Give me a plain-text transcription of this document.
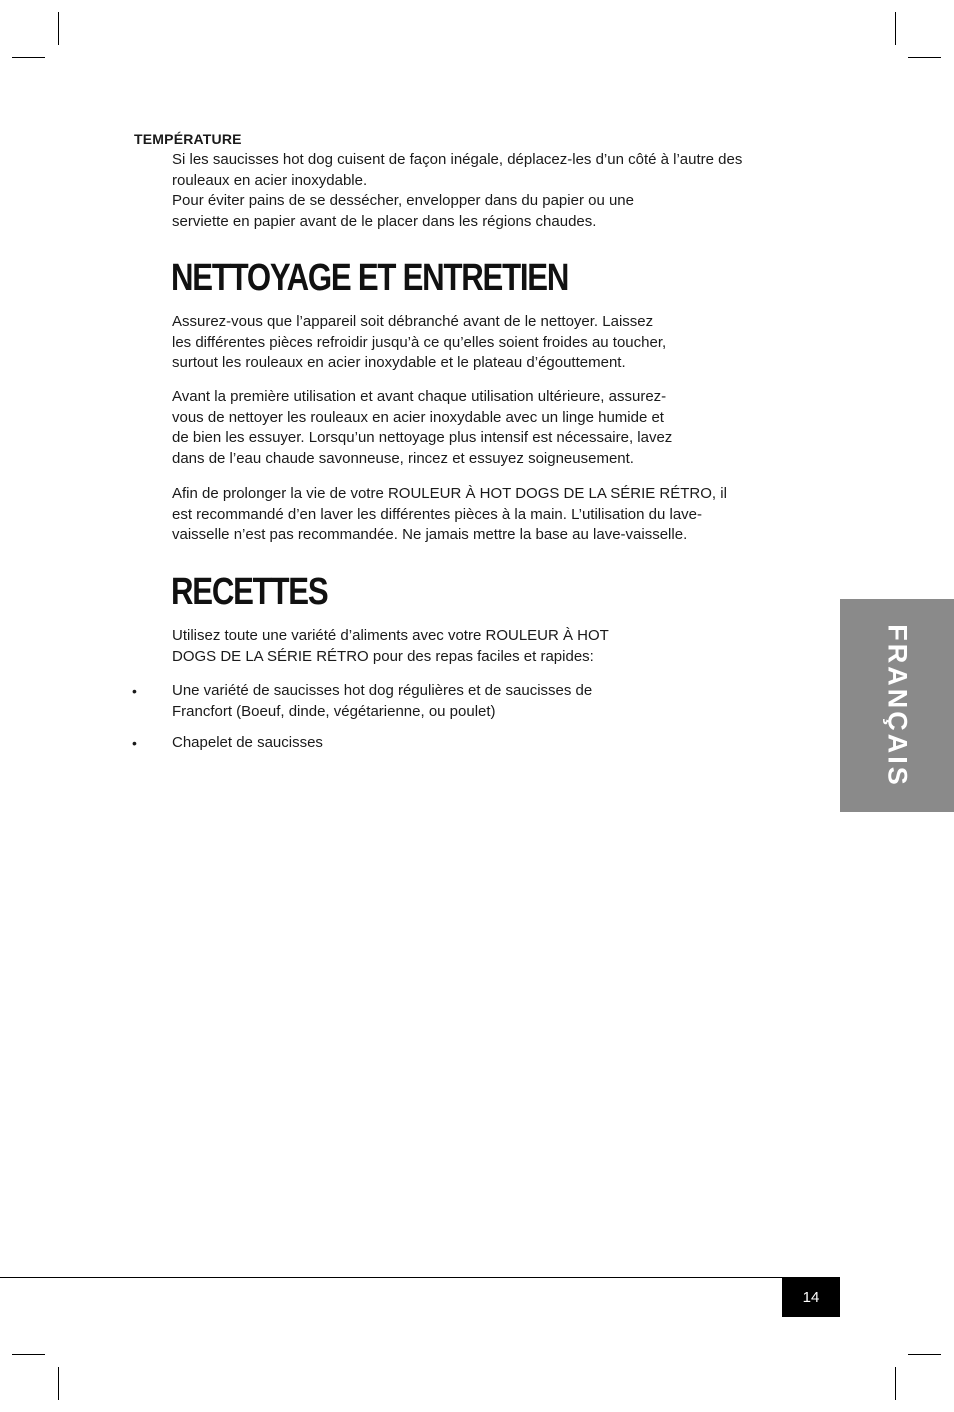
TEMPÉRATURE
Si les saucisses hot dog cuisent de façon inégale, déplacez-les d’un côté à l’autre des
rouleaux en acier inoxydable.
Pour éviter pains de se dessécher, envelopper dans du papier ou une
serviette en papier avant de le placer dans les régions chaudes.
NETTOYAGE ET ENTRETIEN
Assurez-vous que l’appareil soit débranché avant de le nettoyer. Laissez
les différentes pièces refroidir jusqu’à ce qu’elles soient froides au toucher,
surtout les rouleaux en acier inoxydable et le plateau d’égouttement.
Avant la première utilisation et avant chaque utilisation ultérieure, assurez-
vous de nettoyer les rouleaux en acier inoxydable avec un linge humide et
de bien les essuyer. Lorsqu’un nettoyage plus intensif est nécessaire, lavez
dans de l’eau chaude savonneuse, rincez et essuyez soigneusement.
Afin de prolonger la vie de votre ROULEUR À HOT DOGS DE LA SÉRIE RÉTRO, il
est recommandé d’en laver les différentes pièces à la main. L’utilisation du lave-
vaisselle n’est pas recommandée. Ne jamais mettre la base au lave-vaisselle.
RECETTES
Utilisez toute une variété d’aliments avec votre ROULEUR À HOT
DOGS DE LA SÉRIE RÉTRO pour des repas faciles et rapides:
• Une variété de saucisses hot dog régulières et de saucisses de
Francfort (Boeuf, dinde, végétarienne, ou poulet)
• Chapelet de saucisses	FRANÇAIS
14
